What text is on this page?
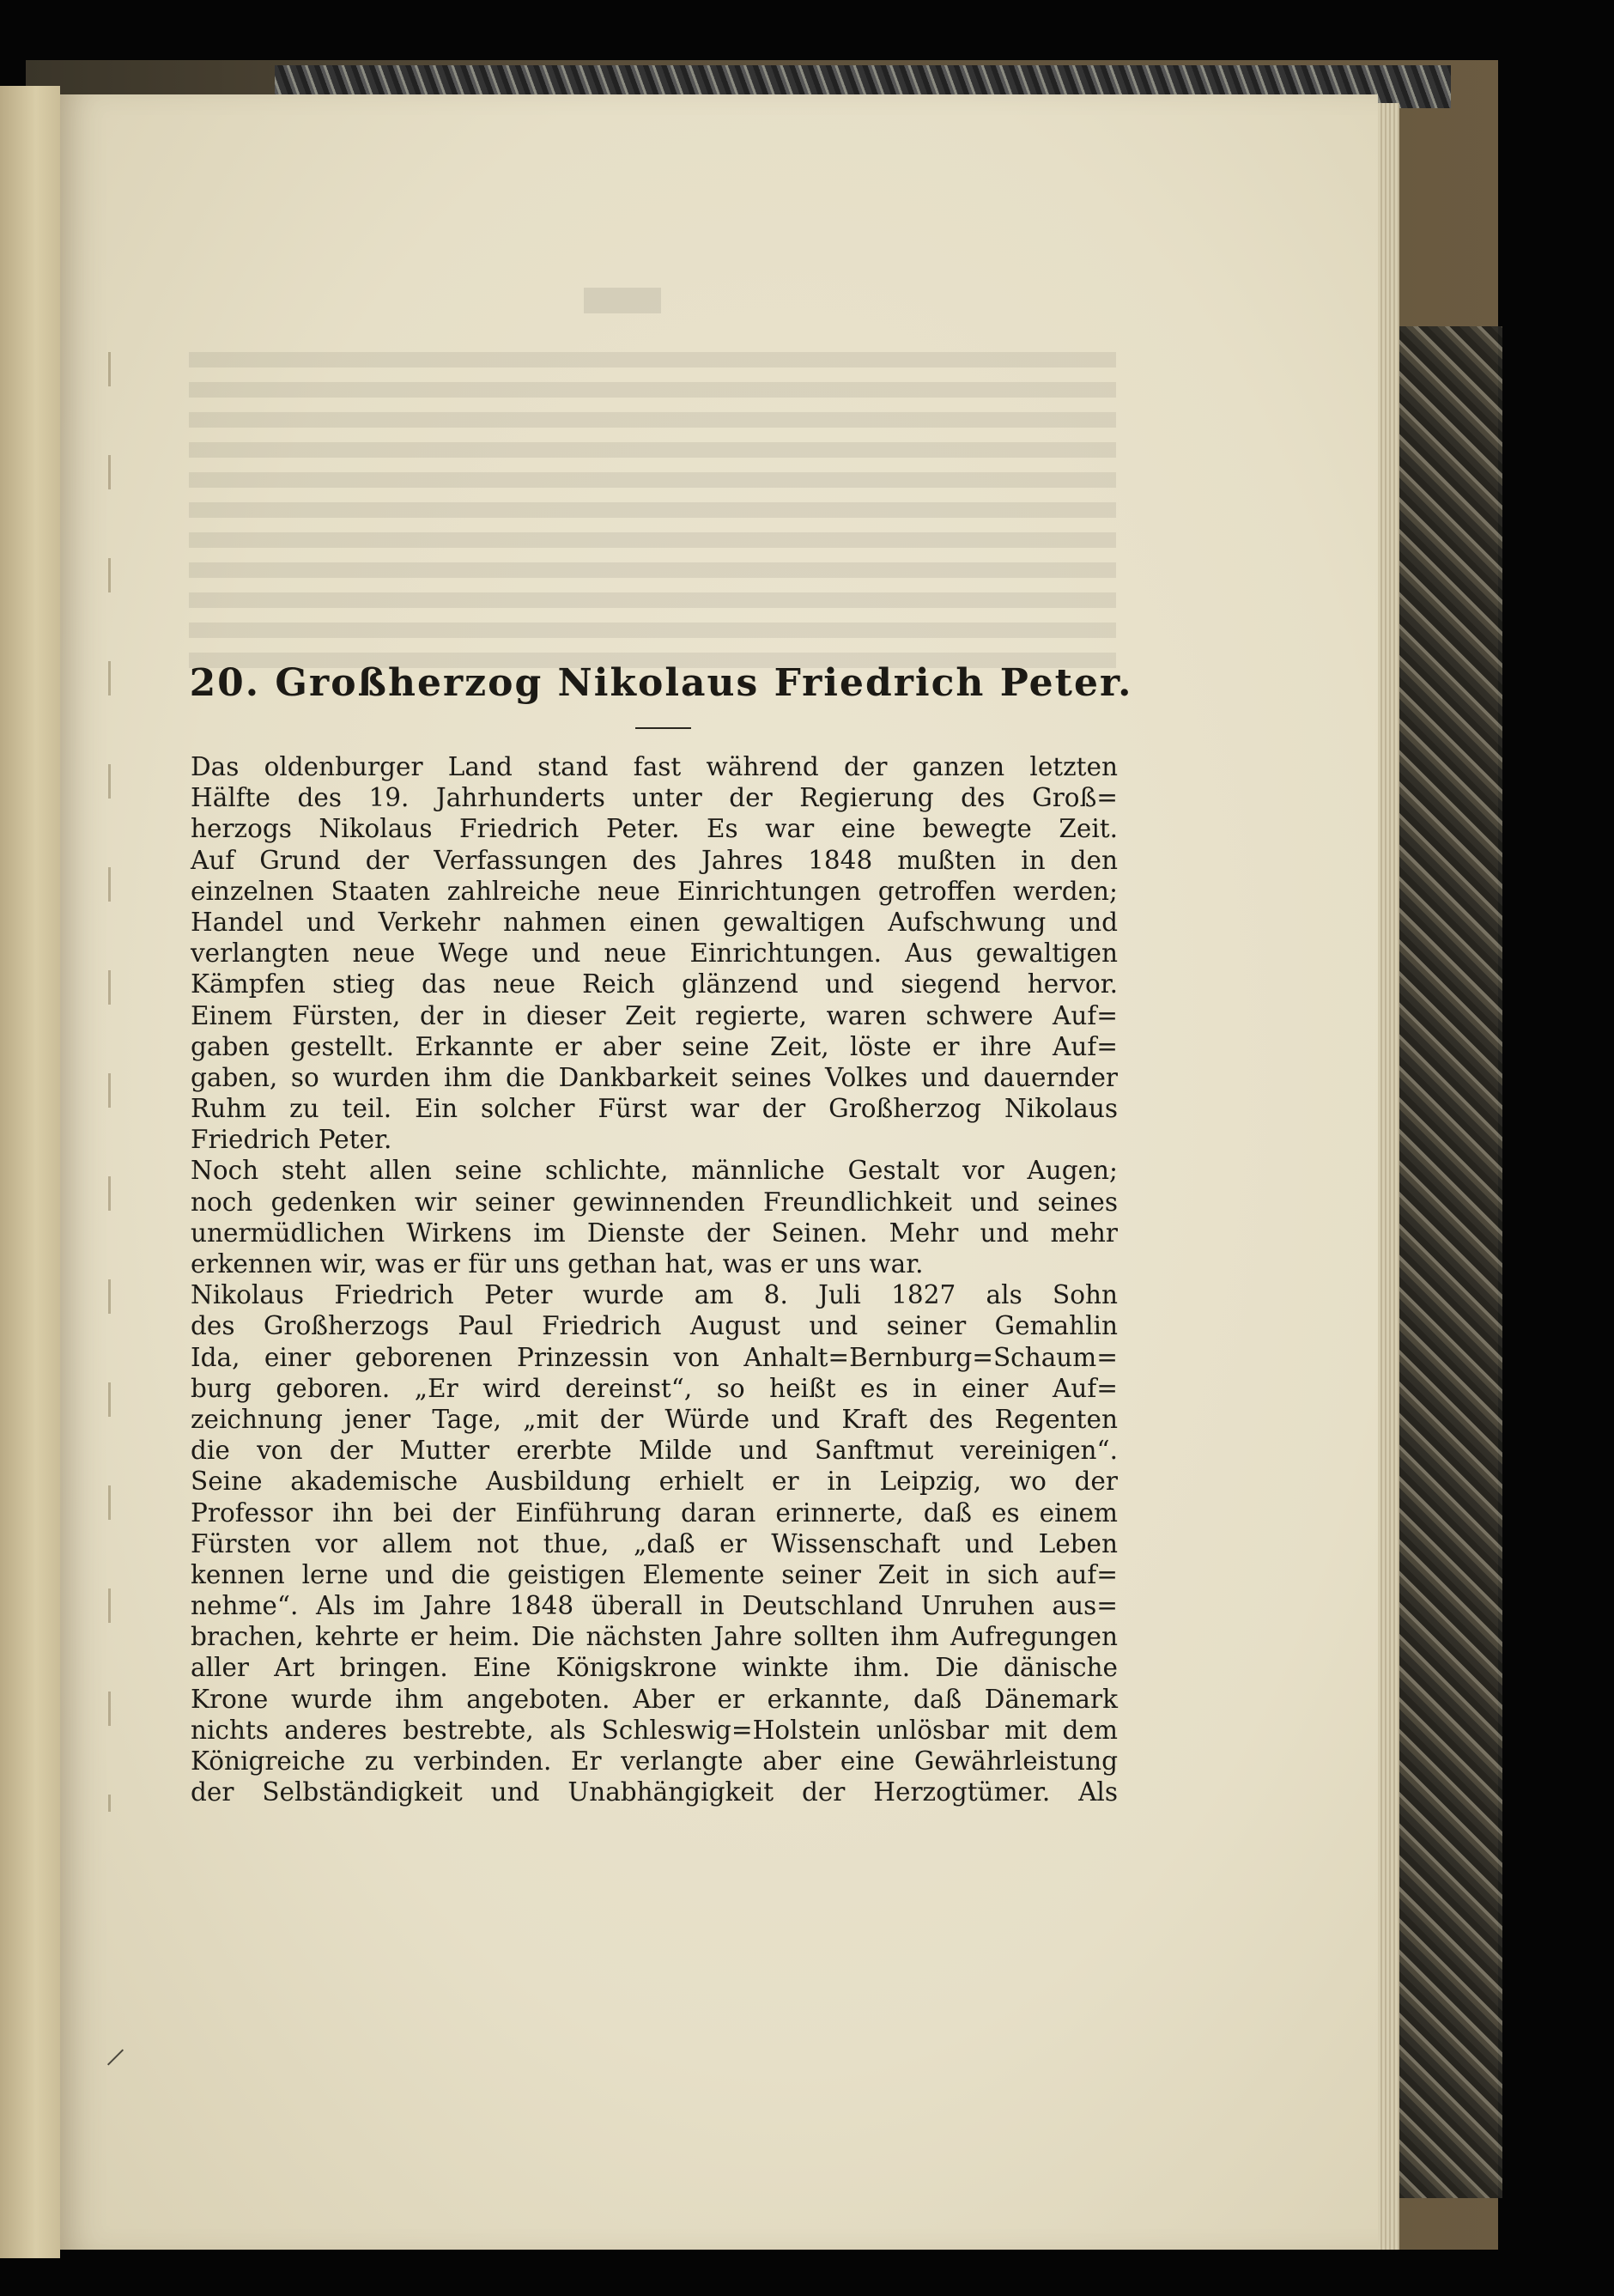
20. Großherzog Nikolaus Friedrich Peter.
Das oldenburger Land stand fast während der ganzen letzten
Hälfte des 19. Jahrhunderts unter der Regierung des Groß=
herzogs Nikolaus Friedrich Peter. Es war eine bewegte Zeit.
Auf Grund der Verfassungen des Jahres 1848 mußten in den
einzelnen Staaten zahlreiche neue Einrichtungen getroffen werden;
Handel und Verkehr nahmen einen gewaltigen Aufschwung und
verlangten neue Wege und neue Einrichtungen. Aus gewaltigen
Kämpfen stieg das neue Reich glänzend und siegend hervor.
Einem Fürsten, der in dieser Zeit regierte, waren schwere Auf=
gaben gestellt. Erkannte er aber seine Zeit, löste er ihre Auf=
gaben, so wurden ihm die Dankbarkeit seines Volkes und dauernder
Ruhm zu teil. Ein solcher Fürst war der Großherzog Nikolaus
Friedrich Peter.
Noch steht allen seine schlichte, männliche Gestalt vor Augen;
noch gedenken wir seiner gewinnenden Freundlichkeit und seines
unermüdlichen Wirkens im Dienste der Seinen. Mehr und mehr
erkennen wir, was er für uns gethan hat, was er uns war.
Nikolaus Friedrich Peter wurde am 8. Juli 1827 als Sohn
des Großherzogs Paul Friedrich August und seiner Gemahlin
Ida, einer geborenen Prinzessin von Anhalt=Bernburg=Schaum=
burg geboren. „Er wird dereinst“, so heißt es in einer Auf=
zeichnung jener Tage, „mit der Würde und Kraft des Regenten
die von der Mutter ererbte Milde und Sanftmut vereinigen“.
Seine akademische Ausbildung erhielt er in Leipzig, wo der
Professor ihn bei der Einführung daran erinnerte, daß es einem
Fürsten vor allem not thue, „daß er Wissenschaft und Leben
kennen lerne und die geistigen Elemente seiner Zeit in sich auf=
nehme“. Als im Jahre 1848 überall in Deutschland Unruhen aus=
brachen, kehrte er heim. Die nächsten Jahre sollten ihm Aufregungen
aller Art bringen. Eine Königskrone winkte ihm. Die dänische
Krone wurde ihm angeboten. Aber er erkannte, daß Dänemark
nichts anderes bestrebte, als Schleswig=Holstein unlösbar mit dem
Königreiche zu verbinden. Er verlangte aber eine Gewährleistung
der Selbständigkeit und Unabhängigkeit der Herzogtümer. Als
